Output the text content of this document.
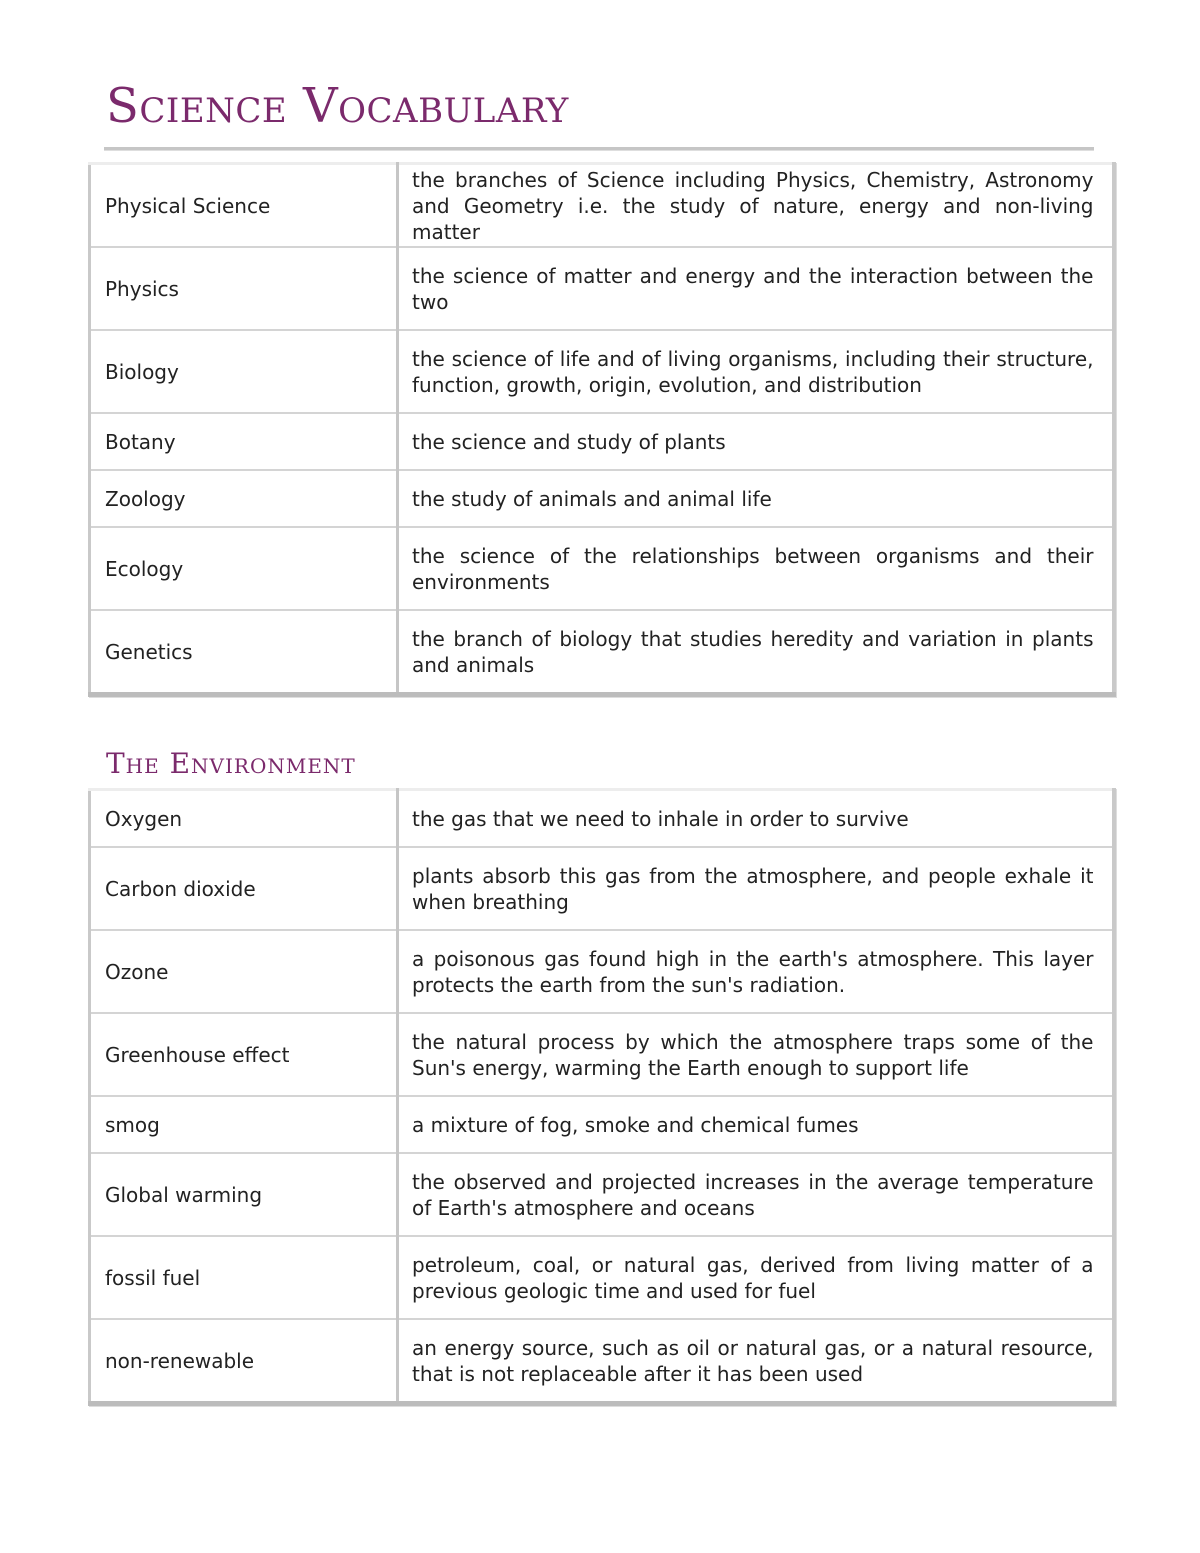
Science Vocabulary
Physical Science	the branches of Science including Physics, Chemistry, Astronomy and Geometry i.e. the study of nature, energy and non-living matter
Physics	the science of matter and energy and the interaction between the two
Biology	the science of life and of living organisms, including their structure, function, growth, origin, evolution, and distribution
Botany	the science and study of plants
Zoology	the study of animals and animal life
Ecology	the science of the relationships between organisms and their environments
Genetics	the branch of biology that studies heredity and variation in plants and animals
The Environment
Oxygen	the gas that we need to inhale in order to survive
Carbon dioxide	plants absorb this gas from the atmosphere, and people exhale it when breathing
Ozone	a poisonous gas found high in the earth's atmosphere. This layer protects the earth from the sun's radiation.
Greenhouse effect	the natural process by which the atmosphere traps some of the Sun's energy, warming the Earth enough to support life
smog	a mixture of fog, smoke and chemical fumes
Global warming	the observed and projected increases in the average temperature of Earth's atmosphere and oceans
fossil fuel	petroleum, coal, or natural gas, derived from living matter of a previous geologic time and used for fuel
non-renewable	an energy source, such as oil or natural gas, or a natural resource, that is not replaceable after it has been used
